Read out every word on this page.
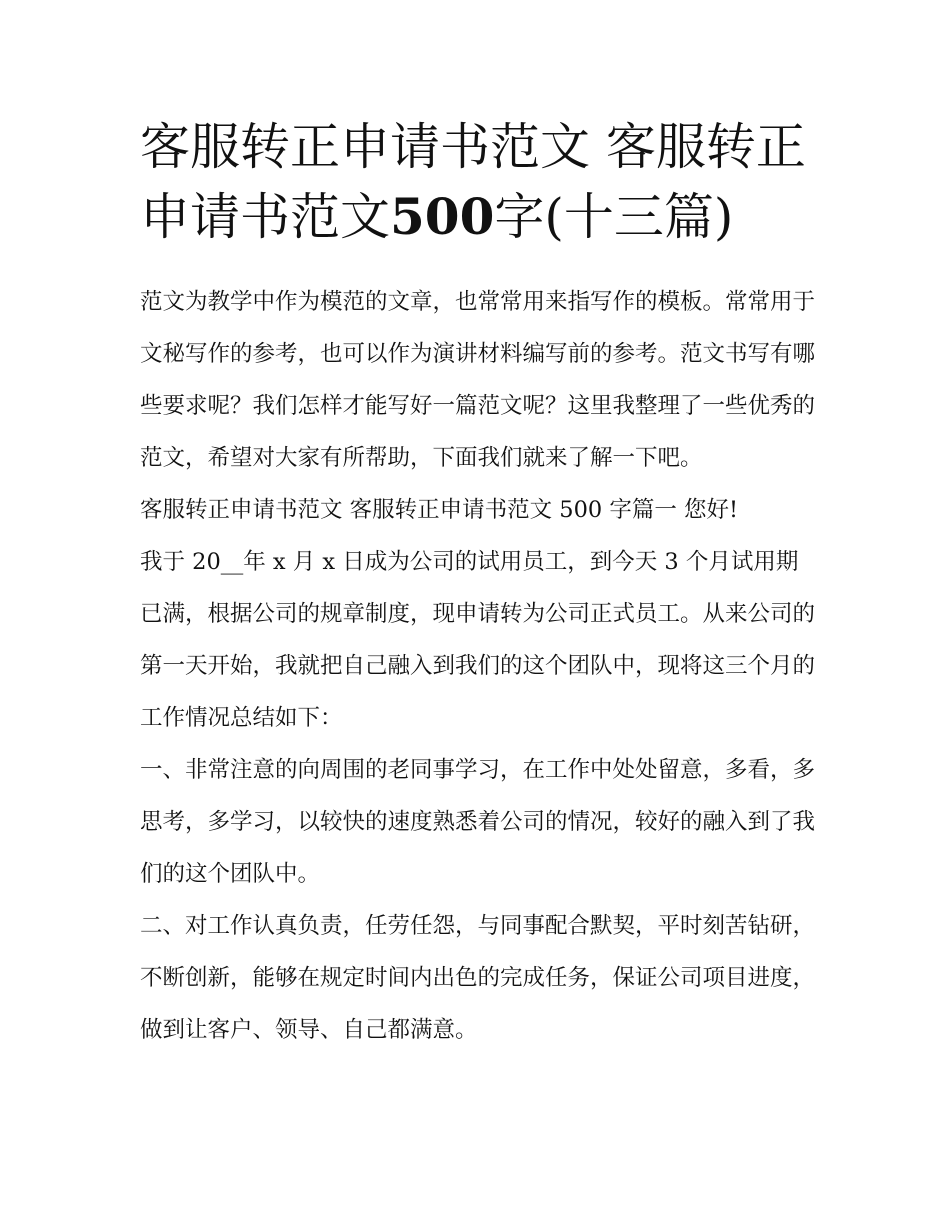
客服转正申请书范文 客服转正申请书范文500字(十三篇)

范文为教学中作为模范的文章，也常常用来指写作的模板。常常用于文秘写作的参考，也可以作为演讲材料编写前的参考。范文书写有哪些要求呢？我们怎样才能写好一篇范文呢？这里我整理了一些优秀的范文，希望对大家有所帮助，下面我们就来了解一下吧。

客服转正申请书范文 客服转正申请书范文 500 字篇一 您好!

我于 20__年 x 月 x 日成为公司的试用员工，到今天 3 个月试用期已满，根据公司的规章制度，现申请转为公司正式员工。从来公司的第一天开始，我就把自己融入到我们的这个团队中，现将这三个月的工作情况总结如下：

一、非常注意的向周围的老同事学习，在工作中处处留意，多看，多思考，多学习，以较快的速度熟悉着公司的情况，较好的融入到了我们的这个团队中。

二、对工作认真负责，任劳任怨，与同事配合默契，平时刻苦钻研，不断创新，能够在规定时间内出色的完成任务，保证公司项目进度，做到让客户、领导、自己都满意。
